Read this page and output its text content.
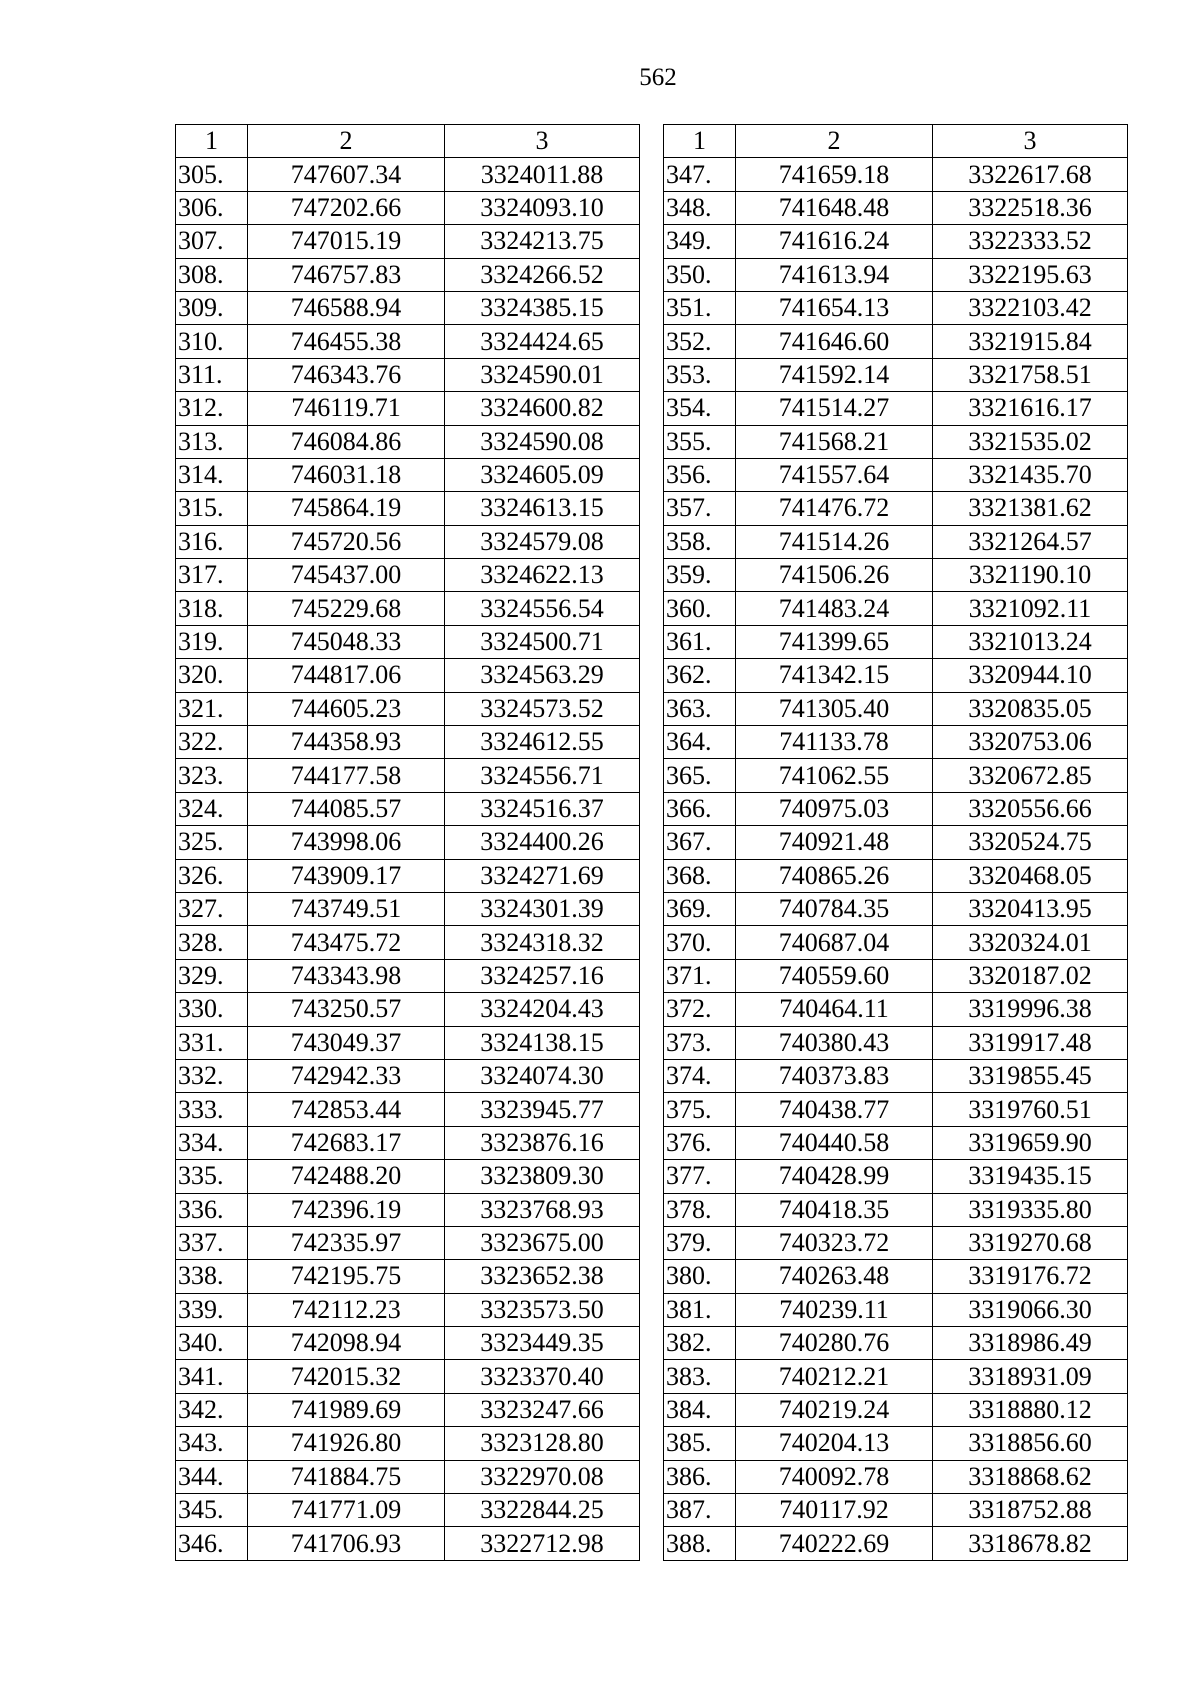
562
1	2	3
305.	747607.34	3324011.88
306.	747202.66	3324093.10
307.	747015.19	3324213.75
308.	746757.83	3324266.52
309.	746588.94	3324385.15
310.	746455.38	3324424.65
311.	746343.76	3324590.01
312.	746119.71	3324600.82
313.	746084.86	3324590.08
314.	746031.18	3324605.09
315.	745864.19	3324613.15
316.	745720.56	3324579.08
317.	745437.00	3324622.13
318.	745229.68	3324556.54
319.	745048.33	3324500.71
320.	744817.06	3324563.29
321.	744605.23	3324573.52
322.	744358.93	3324612.55
323.	744177.58	3324556.71
324.	744085.57	3324516.37
325.	743998.06	3324400.26
326.	743909.17	3324271.69
327.	743749.51	3324301.39
328.	743475.72	3324318.32
329.	743343.98	3324257.16
330.	743250.57	3324204.43
331.	743049.37	3324138.15
332.	742942.33	3324074.30
333.	742853.44	3323945.77
334.	742683.17	3323876.16
335.	742488.20	3323809.30
336.	742396.19	3323768.93
337.	742335.97	3323675.00
338.	742195.75	3323652.38
339.	742112.23	3323573.50
340.	742098.94	3323449.35
341.	742015.32	3323370.40
342.	741989.69	3323247.66
343.	741926.80	3323128.80
344.	741884.75	3322970.08
345.	741771.09	3322844.25
346.	741706.93	3322712.98
1	2	3
347.	741659.18	3322617.68
348.	741648.48	3322518.36
349.	741616.24	3322333.52
350.	741613.94	3322195.63
351.	741654.13	3322103.42
352.	741646.60	3321915.84
353.	741592.14	3321758.51
354.	741514.27	3321616.17
355.	741568.21	3321535.02
356.	741557.64	3321435.70
357.	741476.72	3321381.62
358.	741514.26	3321264.57
359.	741506.26	3321190.10
360.	741483.24	3321092.11
361.	741399.65	3321013.24
362.	741342.15	3320944.10
363.	741305.40	3320835.05
364.	741133.78	3320753.06
365.	741062.55	3320672.85
366.	740975.03	3320556.66
367.	740921.48	3320524.75
368.	740865.26	3320468.05
369.	740784.35	3320413.95
370.	740687.04	3320324.01
371.	740559.60	3320187.02
372.	740464.11	3319996.38
373.	740380.43	3319917.48
374.	740373.83	3319855.45
375.	740438.77	3319760.51
376.	740440.58	3319659.90
377.	740428.99	3319435.15
378.	740418.35	3319335.80
379.	740323.72	3319270.68
380.	740263.48	3319176.72
381.	740239.11	3319066.30
382.	740280.76	3318986.49
383.	740212.21	3318931.09
384.	740219.24	3318880.12
385.	740204.13	3318856.60
386.	740092.78	3318868.62
387.	740117.92	3318752.88
388.	740222.69	3318678.82
